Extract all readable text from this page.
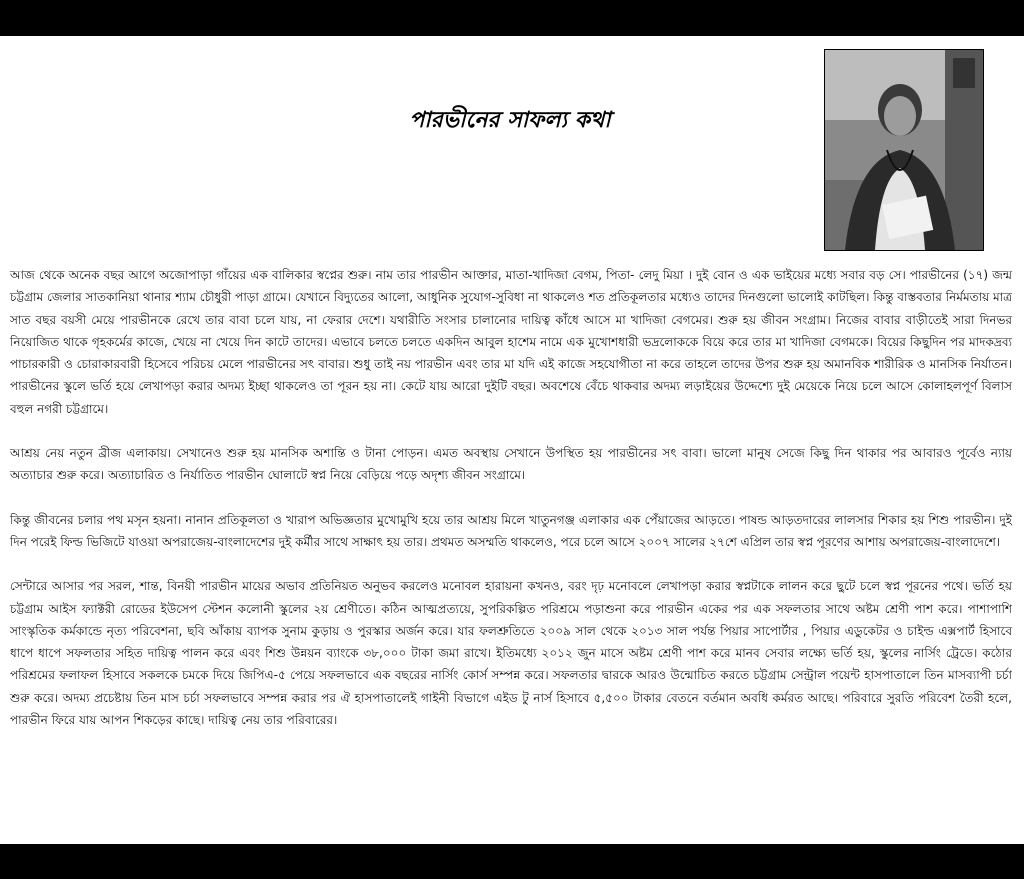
পারভীনের সাফল্য কথা

আজ থেকে অনেক বছর আগে অজোপাড়া গাঁয়ের এক বালিকার স্বপ্নের শুরু। নাম তার পারভীন আক্তার, মাতা-খাদিজা বেগম, পিতা- লেদু মিয়া । দুই বোন ও এক ভাইয়ের মধ্যে সবার বড় সে। পারভীনের (১৭) জন্ম চট্টগ্রাম জেলার সাতকানিয়া থানার শ্যাম চৌধুরী পাড়া গ্রামে। যেখানে বিদ্যুতের আলো, আধুনিক সুযোগ-সুবিধা না থাকলেও শত প্রতিকূলতার মধ্যেও তাদের দিনগুলো ভালোই কাটছিল। কিন্তু বাস্তবতার নির্মমতায় মাত্র সাত বছর বয়সী মেয়ে পারভীনকে রেখে তার বাবা চলে যায়, না ফেরার দেশে। যথারীতি সংসার চালানোর দায়িত্ব কাঁধে আসে মা খাদিজা বেগমের। শুরু হয় জীবন সংগ্রাম। নিজের বাবার বাড়ীতেই সারা দিনভর নিয়োজিত থাকে গৃহকর্মের কাজে, খেয়ে না খেয়ে দিন কাটে তাদের। এভাবে চলতে চলতে একদিন আবুল হাশেম নামে এক মুখোশধারী ভদ্রলোককে বিয়ে করে তার মা খাদিজা বেগমকে। বিয়ের কিছুদিন পর মাদকদ্রব্য পাচারকারী ও চোরাকারবারী হিসেবে পরিচয় মেলে পারভীনের সৎ বাবার। শুধু তাই নয় পারভীন এবং তার মা যদি এই কাজে সহযোগীতা না করে তাহলে তাদের উপর শুরু হয় অমানবিক শারীরিক ও মানসিক নির্যাতন। পারভীনের স্কুলে ভর্তি হয়ে লেখাপড়া করার অদম্য ইচ্ছা থাকলেও তা পূরন হয় না। কেটে যায় আরো দুইটি বছর। অবশেষে বেঁচে থাকবার অদম্য লড়াইয়ের উদ্দেশ্যে দুই মেয়েকে নিয়ে চলে আসে কোলাহলপূর্ণ বিলাস বহুল নগরী চট্টগ্রামে।

আশ্রয় নেয় নতুন ব্রীজ এলাকায়। সেখানেও শুরু হয় মানসিক অশান্তি ও টানা পোড়ন। এমত অবস্থায় সেখানে উপস্থিত হয় পারভীনের সৎ বাবা। ভালো মানুষ সেজে কিছু দিন থাকার পর আবারও পূর্বেও ন্যায় অত্যাচার শুরু করে। অত্যাচারিত ও নির্যাতিত পারভীন ঘোলাটে স্বপ্ন নিয়ে বেড়িয়ে পড়ে অদৃশ্য জীবন সংগ্রামে।

কিন্তু জীবনের চলার পথ মসৃন হয়না। নানান প্রতিকূলতা ও খারাপ অভিজ্ঞতার মুখোমুখি হয়ে তার আশ্রয় মিলে খাতুনগঞ্জ এলাকার এক পেঁয়াজের আড়তে। পাষন্ড আড়তদারের লালসার শিকার হয় শিশু পারভীন। দুই দিন পরেই ফিল্ড ভিজিটে যাওয়া অপরাজেয়-বাংলাদেশের দুই কর্মীর সাথে সাক্ষাৎ হয় তার। প্রথমত অসম্মতি থাকলেও, পরে চলে আসে ২০০৭ সালের ২৭শে এপ্রিল তার স্বপ্ন পূরণের আশায় অপরাজেয়-বাংলাদেশে।

সেন্টারে আসার পর সরল, শান্ত, বিনয়ী পারভীন মায়ের অভাব প্রতিনিয়ত অনুভব করলেও মনোবল হারায়না কখনও, বরং দৃঢ় মনোবলে লেখাপড়া করার স্বপ্নটাকে লালন করে ছুটে চলে স্বপ্ন পূরনের পথে। ভর্তি হয় চট্টগ্রাম আইস ফ্যাক্টরী রোডের ইউসেপ স্টেশন কলোনী স্কুলের ২য় শ্রেণীতে। কঠিন আত্মপ্রত্যয়ে, সুপরিকল্পিত পরিশ্রমে পড়াশুনা করে পারভীন একের পর এক সফলতার সাথে অষ্টম শ্রেণী পাশ করে। পাশাপাশি সাংস্কৃতিক কর্মকান্ডে নৃত্য পরিবেশনা, ছবি আঁকায় ব্যাপক সুনাম কুড়ায় ও পুরস্কার অর্জন করে। যার ফলশ্রুতিতে ২০০৯ সাল থেকে ২০১৩ সাল পর্যন্ত পিয়ার সাপোর্টার , পিয়ার এডুকেটর ও চাইল্ড এক্সপার্ট হিসাবে ধাপে ধাপে সফলতার সহিত দায়িত্ব পালন করে এবং শিশু উন্নয়ন ব্যাংকে ৩৮,০০০ টাকা জমা রাখে। ইতিমধ্যে ২০১২ জুন মাসে অষ্টম শ্রেণী পাশ করে মানব সেবার লক্ষ্যে ভর্তি হয়, স্কুলের নার্সিং ট্রেডে। কঠোর পরিশ্রমের ফলাফল হিসাবে সকলকে চমকে দিয়ে জিপিএ-৫ পেয়ে সফলভাবে এক বছরের নার্সিং কোর্স সম্পন্ন করে। সফলতার দ্বারকে আরও উন্মোচিত করতে চট্টগ্রাম সেন্ট্রাল পয়েন্ট হাসপাতালে তিন মাসব্যাপী চর্চা শুরু করে। অদম্য প্রচেষ্টায় তিন মাস চর্চা সফলভাবে সম্পন্ন করার পর ঐ হাসপাতালেই গাইনী বিভাগে এইড টু নার্স হিসাবে ৫,৫০০ টাকার বেতনে বর্তমান অবধি কর্মরত আছে। পরিবারে সুরতি পরিবেশ তৈরী হলে, পারভীন ফিরে যায় আপন শিকড়ের কাছে। দায়িত্ব নেয় তার পরিবারের।
